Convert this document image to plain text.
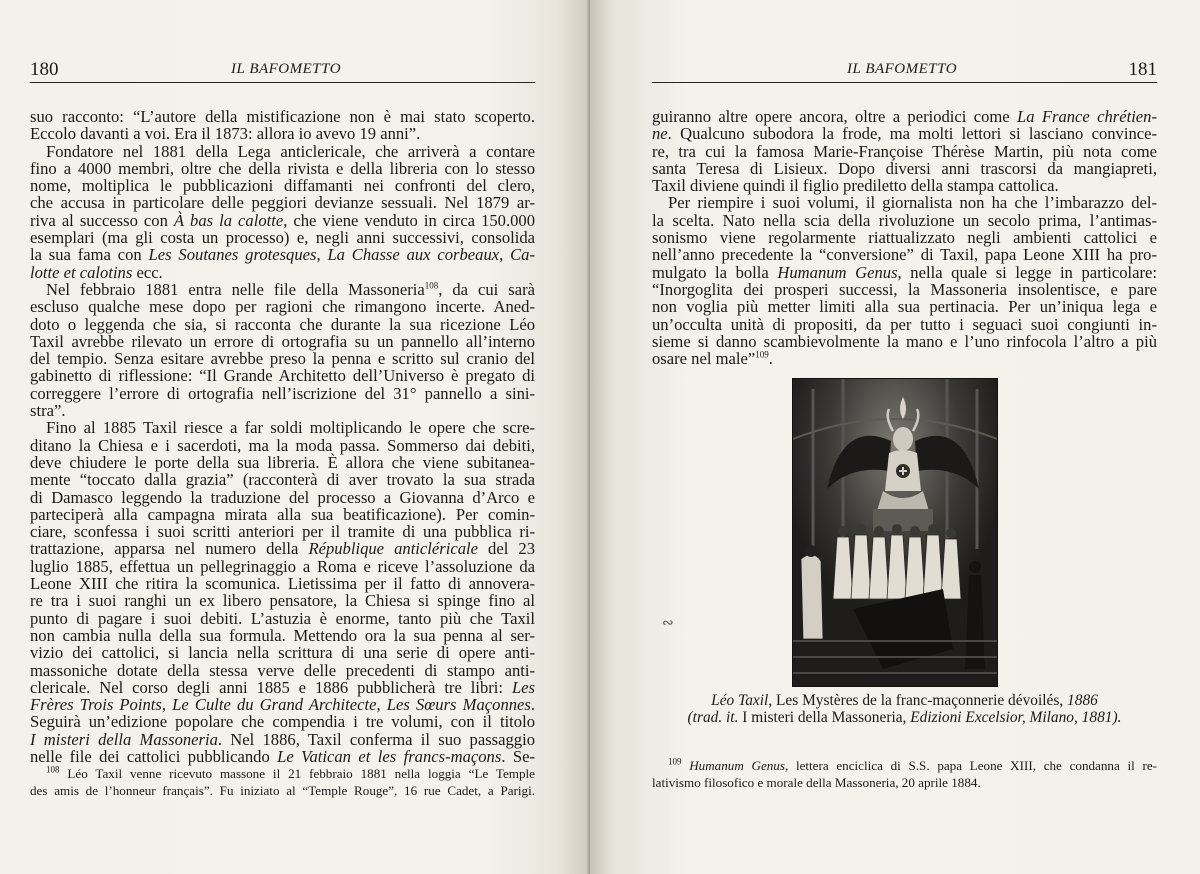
180	IL BAFOMETTO
suo racconto: “L’autore della mistificazione non è mai stato scoperto.
Eccolo davanti a voi. Era il 1873: allora io avevo 19 anni”.
Fondatore nel 1881 della Lega anticlericale, che arriverà a contare
fino a 4000 membri, oltre che della rivista e della libreria con lo stesso
nome, moltiplica le pubblicazioni diffamanti nei confronti del clero,
che accusa in particolare delle peggiori devianze sessuali. Nel 1879 ar-
riva al successo con À bas la calotte, che viene venduto in circa 150.000
esemplari (ma gli costa un processo) e, negli anni successivi, consolida
la sua fama con Les Soutanes grotesques, La Chasse aux corbeaux, Ca-
lotte et calotins ecc.
Nel febbraio 1881 entra nelle file della Massoneria$^{108}$, da cui sarà
escluso qualche mese dopo per ragioni che rimangono incerte. Aned-
doto o leggenda che sia, si racconta che durante la sua ricezione Léo
Taxil avrebbe rilevato un errore di ortografia su un pannello all’interno
del tempio. Senza esitare avrebbe preso la penna e scritto sul cranio del
gabinetto di riflessione: “Il Grande Architetto dell’Universo è pregato di
correggere l’errore di ortografia nell’iscrizione del 31° pannello a sini-
stra”.
Fino al 1885 Taxil riesce a far soldi moltiplicando le opere che scre-
ditano la Chiesa e i sacerdoti, ma la moda passa. Sommerso dai debiti,
deve chiudere le porte della sua libreria. È allora che viene subitanea-
mente “toccato dalla grazia” (racconterà di aver trovato la sua strada
di Damasco leggendo la traduzione del processo a Giovanna d’Arco e
parteciperà alla campagna mirata alla sua beatificazione). Per comin-
ciare, sconfessa i suoi scritti anteriori per il tramite di una pubblica ri-
trattazione, apparsa nel numero della République anticléricale del 23
luglio 1885, effettua un pellegrinaggio a Roma e riceve l’assoluzione da
Leone XIII che ritira la scomunica. Lietissima per il fatto di annovera-
re tra i suoi ranghi un ex libero pensatore, la Chiesa si spinge fino al
punto di pagare i suoi debiti. L’astuzia è enorme, tanto più che Taxil
non cambia nulla della sua formula. Mettendo ora la sua penna al ser-
vizio dei cattolici, si lancia nella scrittura di una serie di opere anti-
massoniche dotate della stessa verve delle precedenti di stampo anti-
clericale. Nel corso degli anni 1885 e 1886 pubblicherà tre libri: Les
Frères Trois Points, Le Culte du Grand Architecte, Les Sœurs Maçonnes.
Seguirà un’edizione popolare che compendia i tre volumi, con il titolo
I misteri della Massoneria. Nel 1886, Taxil conferma il suo passaggio
nelle file dei cattolici pubblicando Le Vatican et les francs-maçons. Se-
$^{108}$ Léo Taxil venne ricevuto massone il 21 febbraio 1881 nella loggia “Le Temple
des amis de l’honneur français”. Fu iniziato al “Temple Rouge”, 16 rue Cadet, a Parigi.
IL BAFOMETTO	181
guiranno altre opere ancora, oltre a periodici come La France chrétien-
ne. Qualcuno subodora la frode, ma molti lettori si lasciano convince-
re, tra cui la famosa Marie-Françoise Thérèse Martin, più nota come
santa Teresa di Lisieux. Dopo diversi anni trascorsi da mangiapreti,
Taxil diviene quindi il figlio prediletto della stampa cattolica.
Per riempire i suoi volumi, il giornalista non ha che l’imbarazzo del-
la scelta. Nato nella scia della rivoluzione un secolo prima, l’antimas-
sonismo viene regolarmente riattualizzato negli ambienti cattolici e
nell’anno precedente la “conversione” di Taxil, papa Leone XIII ha pro-
mulgato la bolla Humanum Genus, nella quale si legge in particolare:
“Inorgoglita dei prosperi successi, la Massoneria insolentisce, e pare
non voglia più metter limiti alla sua pertinacia. Per un’iniqua lega e
un’occulta unità di propositi, da per tutto i seguaci suoi congiunti in-
sieme si danno scambievolmente la mano e l’uno rinfocola l’altro a più
osare nel male”$^{109}$.
Léo Taxil, Les Mystères de la franc-maçonnerie dévoilés, 1886
(trad. it. I misteri della Massoneria, Edizioni Excelsior, Milano, 1881).
$^{109}$ Humanum Genus, lettera enciclica di S.S. papa Leone XIII, che condanna il re-
lativismo filosofico e morale della Massoneria, 20 aprile 1884.
∾
